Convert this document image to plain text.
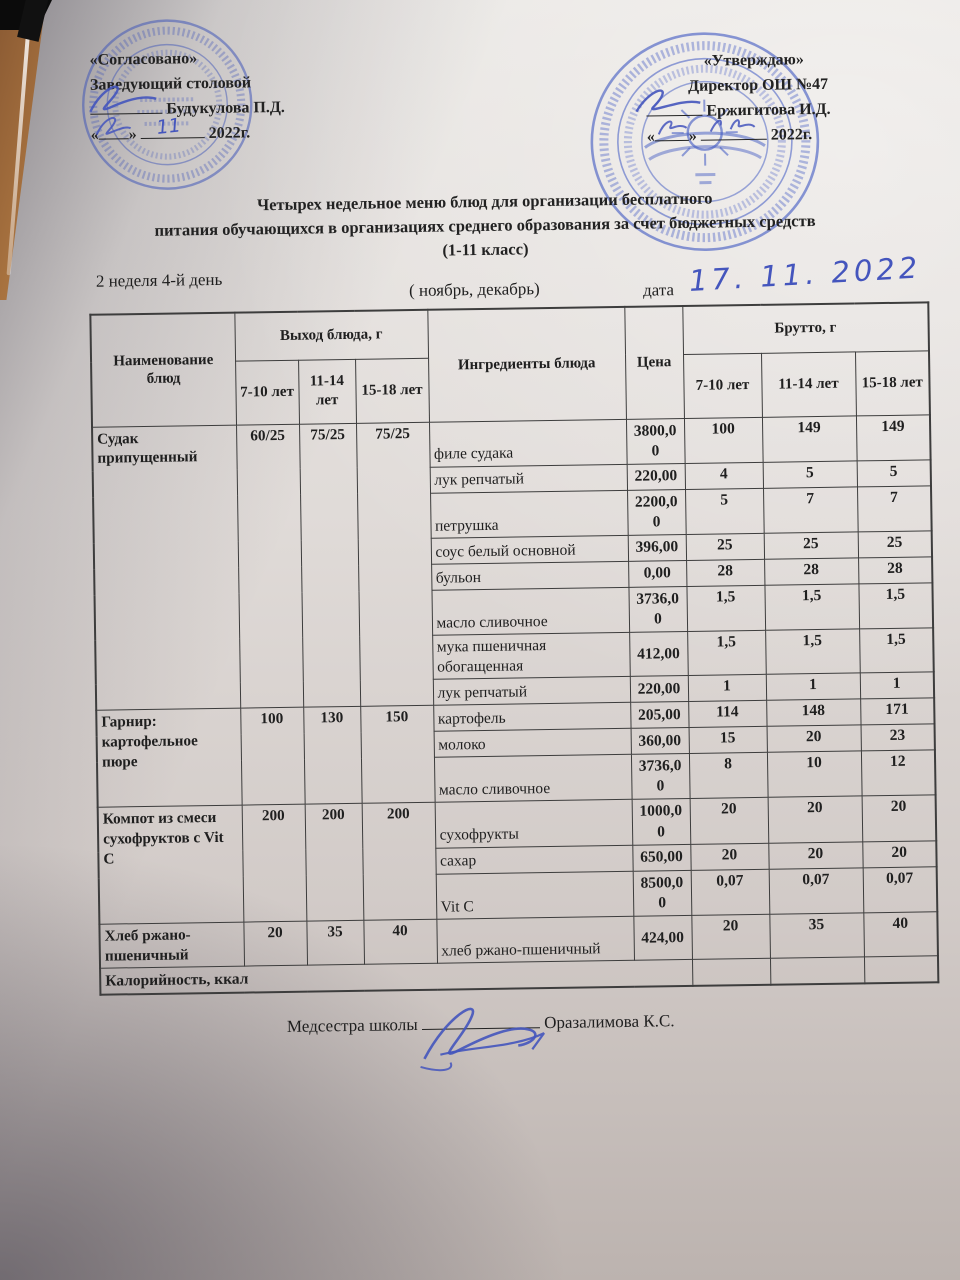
«Согласовано»
Заведующий столовой
Будукулова П.Д.
« » 11 2022г.
«Утверждаю»
Директор ОШ №47
Ержигитова И.Д.
« »	2022г.
Четырех недельное меню блюд для организации бесплатного
питания обучающихся в организациях среднего образования за счет бюджетных средств
(1-11 класс)
2 неделя 4-й день	( ноябрь, декабрь)	дата 17. 11. 2022
Наименование блюд	Выход блюда, г			Ингредиенты блюда	Цена	Брутто, г		
	7-10 лет	11-14 лет	15-18 лет			7-10 лет	11-14 лет	15-18 лет
Судак припущенный	60/25	75/25	75/25	филе судака	3800,00	100	149	149
				лук репчатый	220,00	4	5	5
				петрушка	2200,00	5	7	7
				соус белый основной	396,00	25	25	25
				бульон	0,00	28	28	28
				масло сливочное	3736,00	1,5	1,5	1,5
				мука пшеничная обогащенная	412,00	1,5	1,5	1,5
				лук репчатый	220,00	1	1	1
Гарнир: картофельное пюре	100	130	150	картофель	205,00	114	148	171
				молоко	360,00	15	20	23
				масло сливочное	3736,00	8	10	12
Компот из смеси сухофруктов с Vit C	200	200	200	сухофрукты	1000,00	20	20	20
				сахар	650,00	20	20	20
				Vit C	8500,00	0,07	0,07	0,07
Хлеб ржано-пшеничный	20	35	40	хлеб ржано-пшеничный	424,00	20	35	40
Калорийность, ккал								
Медсестра школы	Оразалимова К.С.
